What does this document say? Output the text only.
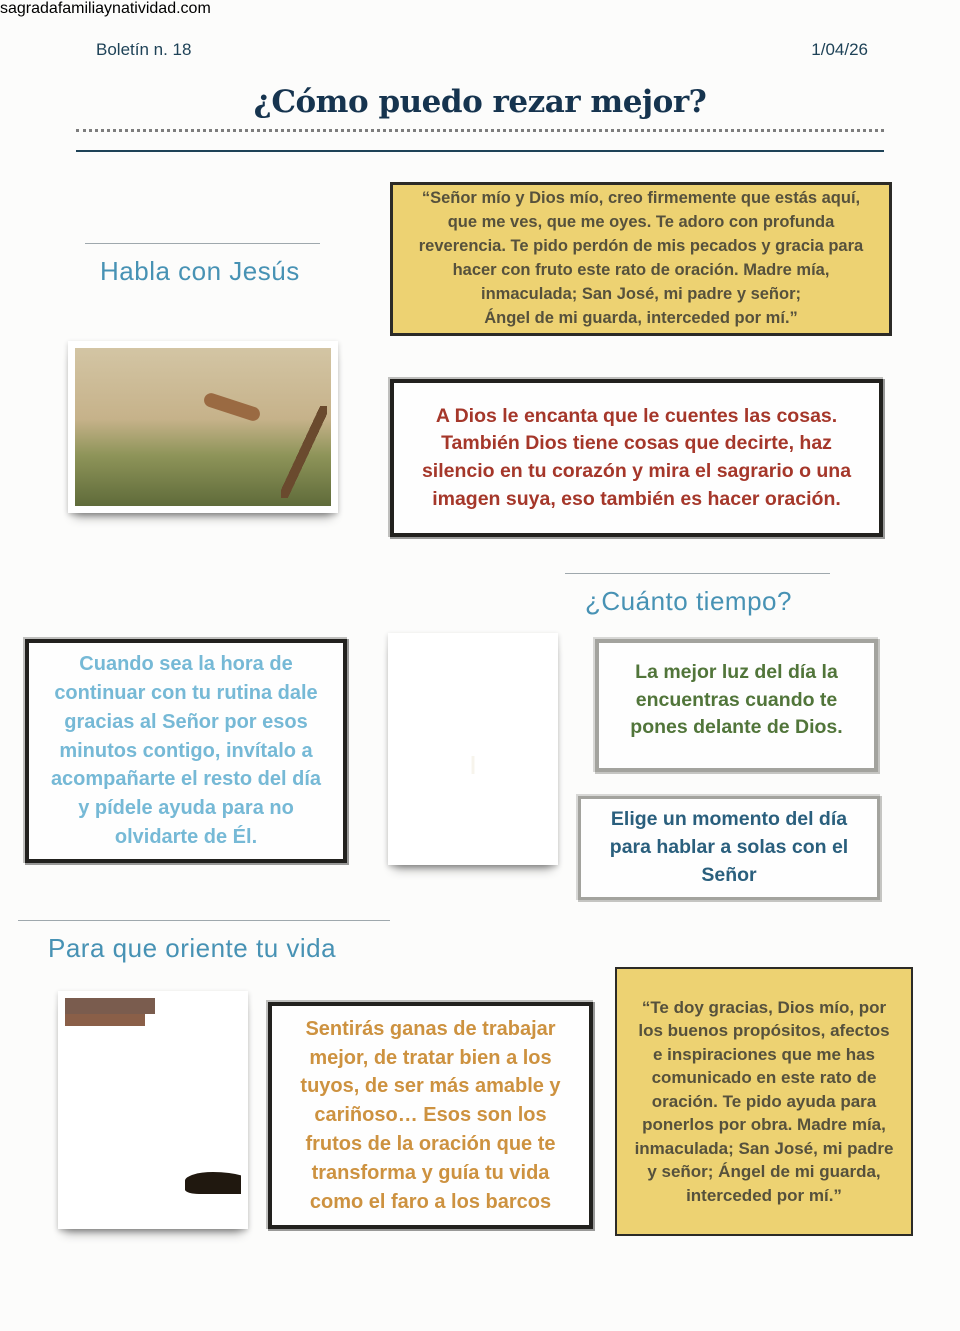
Boletín n. 18	1/04/26
¿Cómo puedo rezar mejor?

“Señor mío y Dios mío, creo firmemente que estás aquí, que me ves, que me oyes. Te adoro con profunda reverencia. Te pido perdón de mis pecados y gracia para hacer con fruto este rato de oración. Madre mía, inmaculada; San José, mi padre y señor;

Ángel de mi guarda, interceded por mí.”

Habla con Jesús

A Dios le encanta que le cuentes las cosas. También Dios tiene cosas que decirte, haz silencio en tu corazón y mira el sagrario o una imagen suya, eso también es hacer oración.

¿Cuánto tiempo?

Cuando sea la hora de continuar con tu rutina dale gracias al Señor por esos minutos contigo, invítalo a acompañarte el resto del día y pídele ayuda para no olvidarte de Él.

La mejor luz del día la encuentras cuando te pones delante de Dios.

Elige un momento del día para hablar a solas con el Señor

Para que oriente tu vida

Sentirás ganas de trabajar mejor, de tratar bien a los tuyos, de ser más amable y cariñoso… Esos son los frutos de la oración que te transforma y guía tu vida como el faro a los barcos

“Te doy gracias, Dios mío, por los buenos propósitos, afectos e inspiraciones que me has comunicado en este rato de oración. Te pido ayuda para ponerlos por obra. Madre mía, inmaculada; San José, mi padre y señor; Ángel de mi guarda, interceded por mí.”

sagradafamiliaynatividad.com
